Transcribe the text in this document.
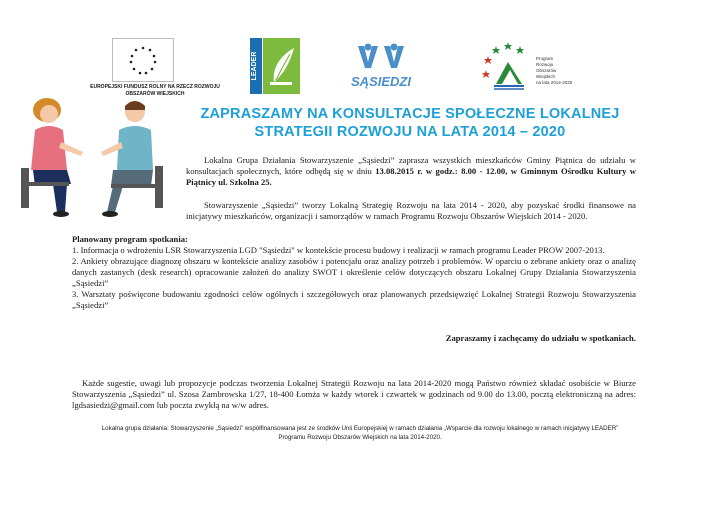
EUROPEJSKI FUNDUSZ ROLNY NA RZECZ ROZWOJU OBSZARÓW WIEJSKICH
LEADER
SĄSIEDZI
Program
Rozwoju
Obszarów
Wiejskich
na lata 2014-2020
ZAPRASZAMY NA KONSULTACJE SPOŁECZNE LOKALNEJ
STRATEGII ROZWOJU NA LATA 2014 – 2020
Lokalna Grupa Działania Stowarzyszenie „Sąsiedzi” zaprasza wszystkich mieszkańców Gminy Piątnica do udziału w konsultacjach społecznych, które odbędą się w dniu 13.08.2015 r. w godz.: 8.00 - 12.00, w Gminnym Ośrodku Kultury w Piątnicy ul. Szkolna 25.
Stowarzyszenie „Sąsiedzi” tworzy Lokalną Strategię Rozwoju na lata 2014 - 2020, aby pozyskać środki finansowe na inicjatywy mieszkańców, organizacji i samorządów w ramach Programu Rozwoju Obszarów Wiejskich 2014 - 2020.
Planowany program spotkania:
1. Informacja o wdrożeniu LSR Stowarzyszenia LGD "Sąsiedzi" w kontekście procesu budowy i realizacji w ramach programu Leader PROW 2007-2013.
2. Ankiety obrazujące diagnozę obszaru w kontekście analizy zasobów i potencjału oraz analizy potrzeb i problemów. W oparciu o zebrane ankiety oraz o analizę danych zastanych (desk research) opracowanie założeń do analizy SWOT i określenie celów dotyczących obszaru Lokalnej Grupy Działania Stowarzyszenia „Sąsiedzi”
3. Warsztaty poświęcone budowaniu zgodności celów ogólnych i szczegółowych oraz planowanych przedsięwzięć Lokalnej Strategii Rozwoju Stowarzyszenia „Sąsiedzi”
Zapraszamy i zachęcamy do udziału w spotkaniach.
Każde sugestie, uwagi lub propozycje podczas tworzenia Lokalnej Strategii Rozwoju na lata 2014-2020 mogą Państwo również składać osobiście w Biurze Stowarzyszenia „Sąsiedzi” ul. Szosa Zambrowska 1/27, 18-400 Łomża w każdy wtorek i czwartek w godzinach od 9.00 do 13.00, pocztą elektroniczną na adres: lgdsasiedzi@gmail.com lub poczta zwykłą na w/w adres.
Lokalna grupa działania: Stowarzyszenie „Sąsiedzi” współfinansowana jest ze środków Unii Europejskiej w ramach działania „Wsparcie dla rozwoju lokalnego w ramach inicjatywy LEADER” Programu Rozwoju Obszarów Wiejskich na lata 2014-2020.
